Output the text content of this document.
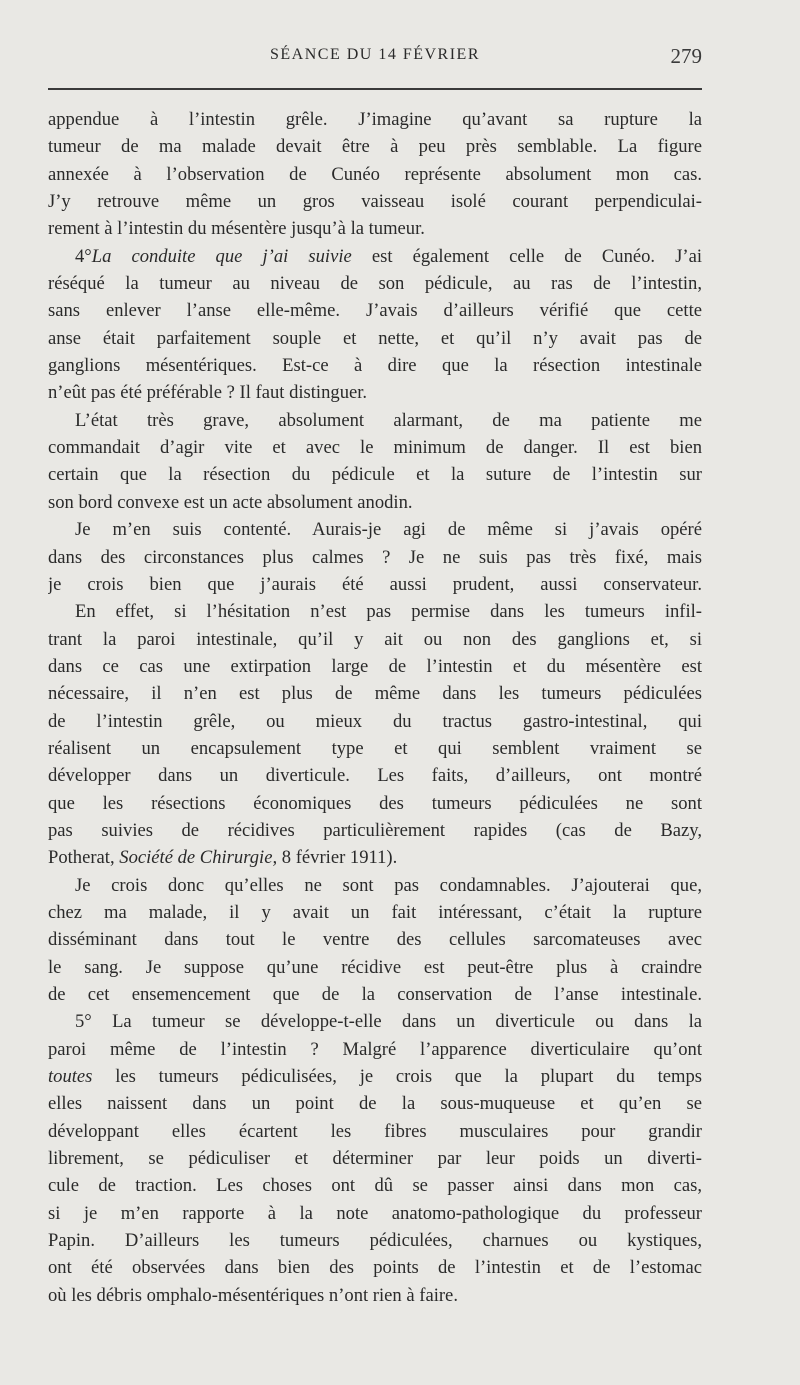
SÉANCE DU 14 FÉVRIER	279
appendue à l’intestin grêle. J’imagine qu’avant sa rupture la
tumeur de ma malade devait être à peu près semblable. La figure
annexée à l’observation de Cunéo représente absolument mon cas.
J’y retrouve même un gros vaisseau isolé courant perpendiculai-
rement à l’intestin du mésentère jusqu’à la tumeur.
4°La conduite que j’ai suivie est également celle de Cunéo. J’ai
réséqué la tumeur au niveau de son pédicule, au ras de l’intestin,
sans enlever l’anse elle-même. J’avais d’ailleurs vérifié que cette
anse était parfaitement souple et nette, et qu’il n’y avait pas de
ganglions mésentériques. Est-ce à dire que la résection intestinale
n’eût pas été préférable ? Il faut distinguer.
L’état très grave, absolument alarmant, de ma patiente me
commandait d’agir vite et avec le minimum de danger. Il est bien
certain que la résection du pédicule et la suture de l’intestin sur
son bord convexe est un acte absolument anodin.
Je m’en suis contenté. Aurais-je agi de même si j’avais opéré
dans des circonstances plus calmes ? Je ne suis pas très fixé, mais
je crois bien que j’aurais été aussi prudent, aussi conservateur.
En effet, si l’hésitation n’est pas permise dans les tumeurs infil-
trant la paroi intestinale, qu’il y ait ou non des ganglions et, si
dans ce cas une extirpation large de l’intestin et du mésentère est
nécessaire, il n’en est plus de même dans les tumeurs pédiculées
de l’intestin grêle, ou mieux du tractus gastro-intestinal, qui
réalisent un encapsulement type et qui semblent vraiment se
développer dans un diverticule. Les faits, d’ailleurs, ont montré
que les résections économiques des tumeurs pédiculées ne sont
pas suivies de récidives particulièrement rapides (cas de Bazy,
Potherat, Société de Chirurgie, 8 février 1911).
Je crois donc qu’elles ne sont pas condamnables. J’ajouterai que,
chez ma malade, il y avait un fait intéressant, c’était la rupture
disséminant dans tout le ventre des cellules sarcomateuses avec
le sang. Je suppose qu’une récidive est peut-être plus à craindre
de cet ensemencement que de la conservation de l’anse intestinale.
5° La tumeur se développe-t-elle dans un diverticule ou dans la
paroi même de l’intestin ? Malgré l’apparence diverticulaire qu’ont
toutes les tumeurs pédiculisées, je crois que la plupart du temps
elles naissent dans un point de la sous-muqueuse et qu’en se
développant elles écartent les fibres musculaires pour grandir
librement, se pédiculiser et déterminer par leur poids un diverti-
cule de traction. Les choses ont dû se passer ainsi dans mon cas,
si je m’en rapporte à la note anatomo-pathologique du professeur
Papin. D’ailleurs les tumeurs pédiculées, charnues ou kystiques,
ont été observées dans bien des points de l’intestin et de l’estomac
où les débris omphalo-mésentériques n’ont rien à faire.
